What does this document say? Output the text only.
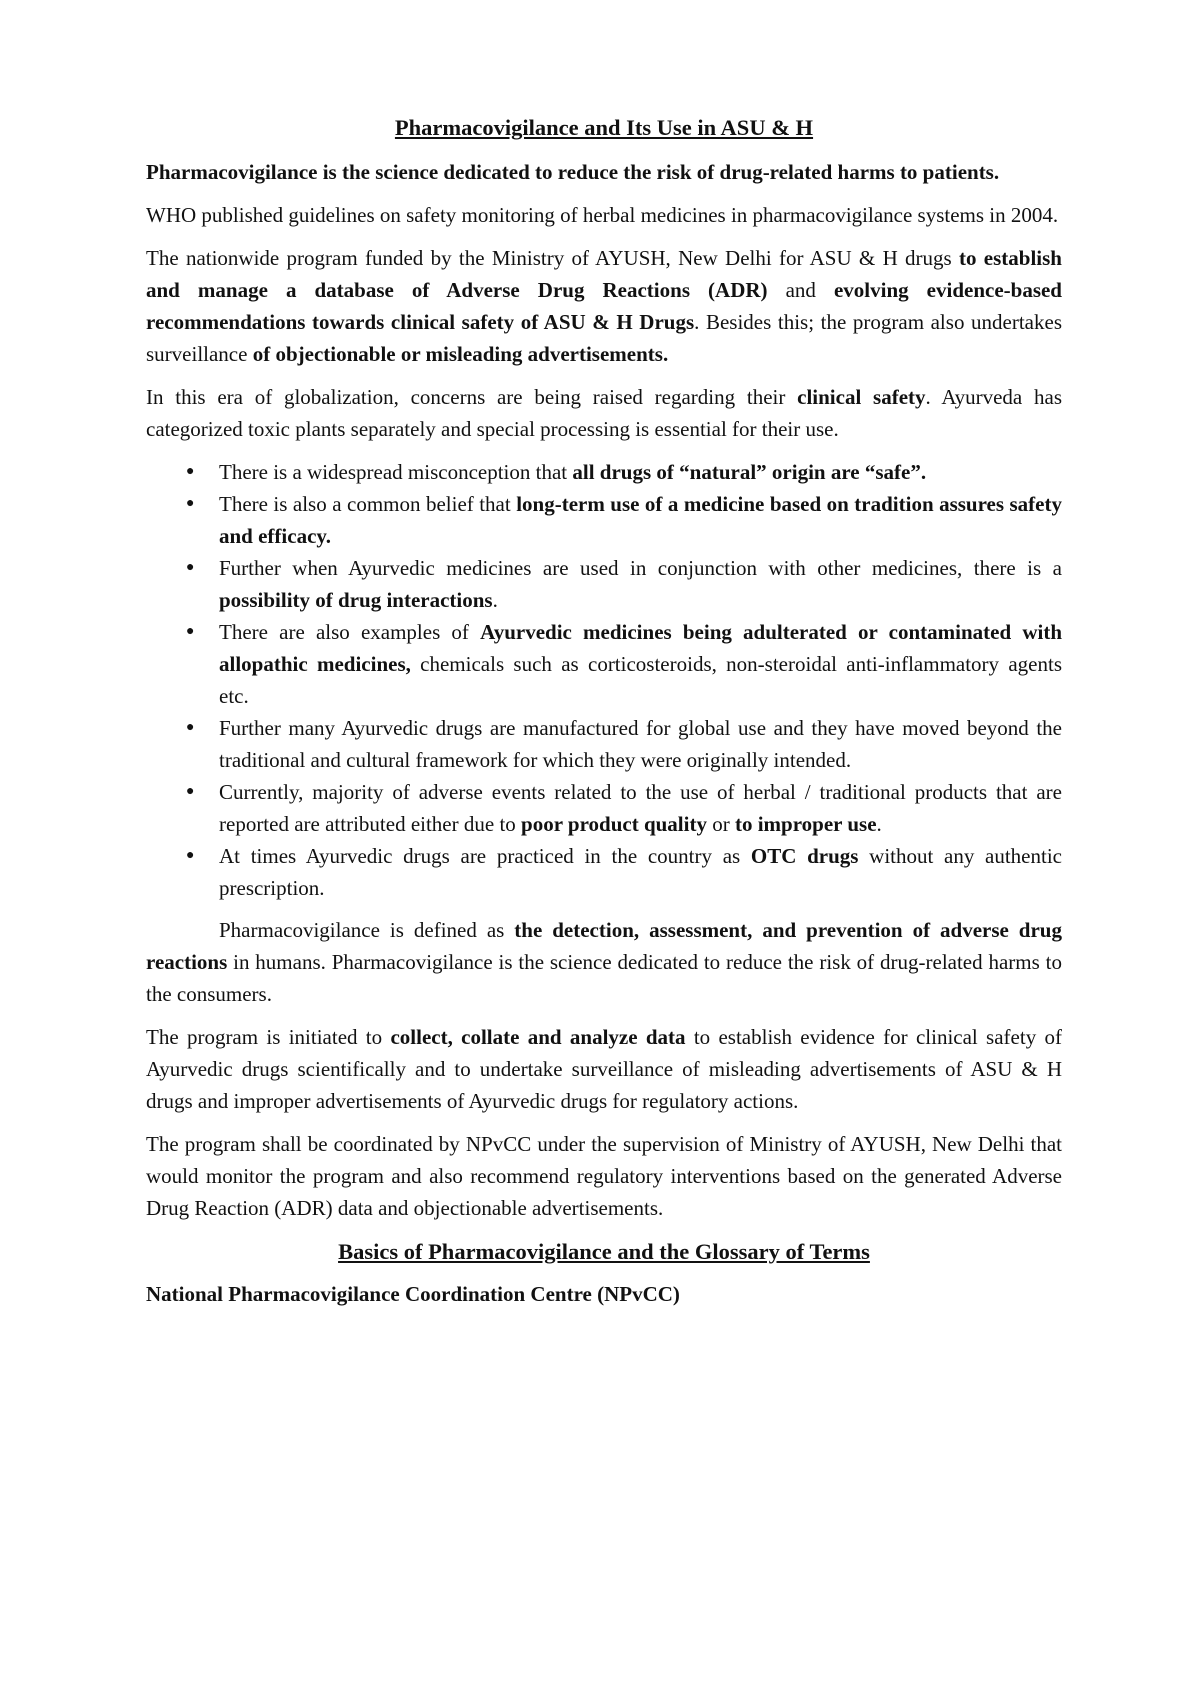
Pharmacovigilance and Its Use in ASU & H

Pharmacovigilance is the science dedicated to reduce the risk of drug-related harms to patients.

WHO published guidelines on safety monitoring of herbal medicines in pharmacovigilance systems in 2004.

The nationwide program funded by the Ministry of AYUSH, New Delhi for ASU & H drugs to establish and manage a database of Adverse Drug Reactions (ADR) and evolving evidence-based recommendations towards clinical safety of ASU & H Drugs. Besides this; the program also undertakes surveillance of objectionable or misleading advertisements.

In this era of globalization, concerns are being raised regarding their clinical safety. Ayurveda has categorized toxic plants separately and special processing is essential for their use.

●	There is a widespread misconception that all drugs of “natural” origin are “safe”.
●	There is also a common belief that long-term use of a medicine based on tradition assures safety and efficacy.
●	Further when Ayurvedic medicines are used in conjunction with other medicines, there is a possibility of drug interactions.
●	There are also examples of Ayurvedic medicines being adulterated or contaminated with allopathic medicines, chemicals such as corticosteroids, non-steroidal anti-inflammatory agents etc.
●	Further many Ayurvedic drugs are manufactured for global use and they have moved beyond the traditional and cultural framework for which they were originally intended.
●	Currently, majority of adverse events related to the use of herbal / traditional products that are reported are attributed either due to poor product quality or to improper use.
●	At times Ayurvedic drugs are practiced in the country as OTC drugs without any authentic prescription.

Pharmacovigilance is defined as the detection, assessment, and prevention of adverse drug reactions in humans. Pharmacovigilance is the science dedicated to reduce the risk of drug-related harms to the consumers.

The program is initiated to collect, collate and analyze data to establish evidence for clinical safety of Ayurvedic drugs scientifically and to undertake surveillance of misleading advertisements of ASU & H drugs and improper advertisements of Ayurvedic drugs for regulatory actions.

The program shall be coordinated by NPvCC under the supervision of Ministry of AYUSH, New Delhi that would monitor the program and also recommend regulatory interventions based on the generated Adverse Drug Reaction (ADR) data and objectionable advertisements.

Basics of Pharmacovigilance and the Glossary of Terms

National Pharmacovigilance Coordination Centre (NPvCC)
